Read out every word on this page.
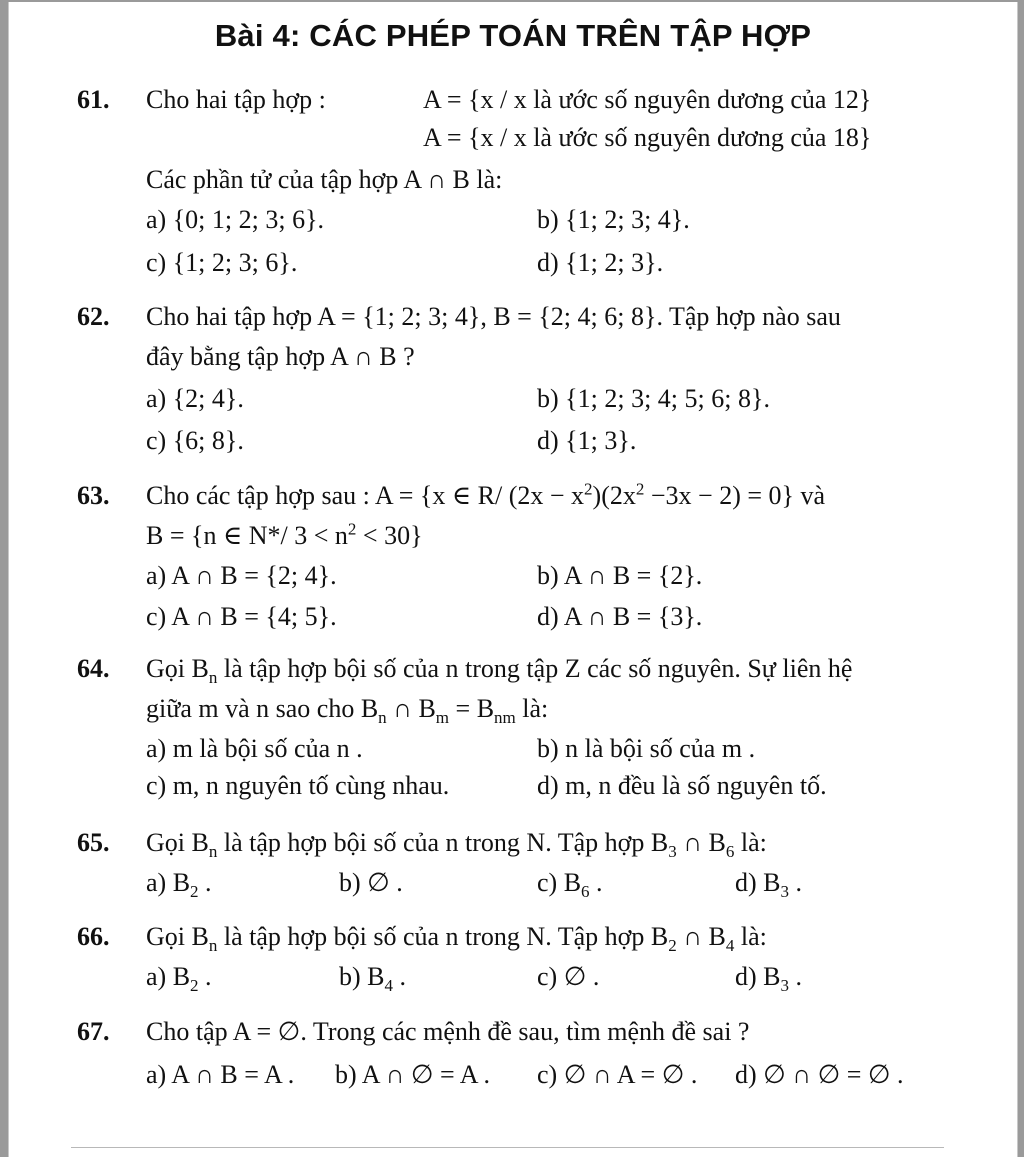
Bài 4: CÁC PHÉP TOÁN TRÊN TẬP HỢP
61. Cho hai tập hợp :	A = {x / x là ước số nguyên dương của 12}
A = {x / x là ước số nguyên dương của 18}
Các phần tử của tập hợp A ∩ B là:
a) {0; 1; 2; 3; 6}.	b) {1; 2; 3; 4}.
c) {1; 2; 3; 6}.	d) {1; 2; 3}.
62. Cho hai tập hợp A = {1; 2; 3; 4}, B = {2; 4; 6; 8}. Tập hợp nào sau
đây bằng tập hợp A ∩ B ?
a) {2; 4}.	b) {1; 2; 3; 4; 5; 6; 8}.
c) {6; 8}.	d) {1; 3}.
63. Cho các tập hợp sau : A = {x ∈ R/ $(2x - x^2)(2x^2 -3x - 2) = 0$} và
B = {n ∈ N*/ $3 < n^2 < 30$}
a) A ∩ B = {2; 4}.	b) A ∩ B = {2}.
c) A ∩ B = {4; 5}.	d) A ∩ B = {3}.
64. Gọi $B_n$ là tập hợp bội số của n trong tập Z các số nguyên. Sự liên hệ
giữa m và n sao cho $B_n$ ∩ $B_m = B_{nm}$ là:
a) m là bội số của n .	b) n là bội số của m .
c) m, n nguyên tố cùng nhau.	d) m, n đều là số nguyên tố.
65. Gọi $B_n$ là tập hợp bội số của n trong N. Tập hợp $B_3$ ∩ $B_6$ là:
a) $B_2$ .	b) ∅ .	c) $B_6$ .	d) $B_3$ .
66. Gọi $B_n$ là tập hợp bội số của n trong N. Tập hợp $B_2$ ∩ $B_4$ là:
a) $B_2$ .	b) $B_4$ .	c) ∅ .	d) $B_3$ .
67. Cho tập A = ∅. Trong các mệnh đề sau, tìm mệnh đề sai ?
a) A ∩ B = A . b) A ∩ ∅ = A . c) ∅ ∩ A = ∅ . d) ∅ ∩ ∅ = ∅ .
